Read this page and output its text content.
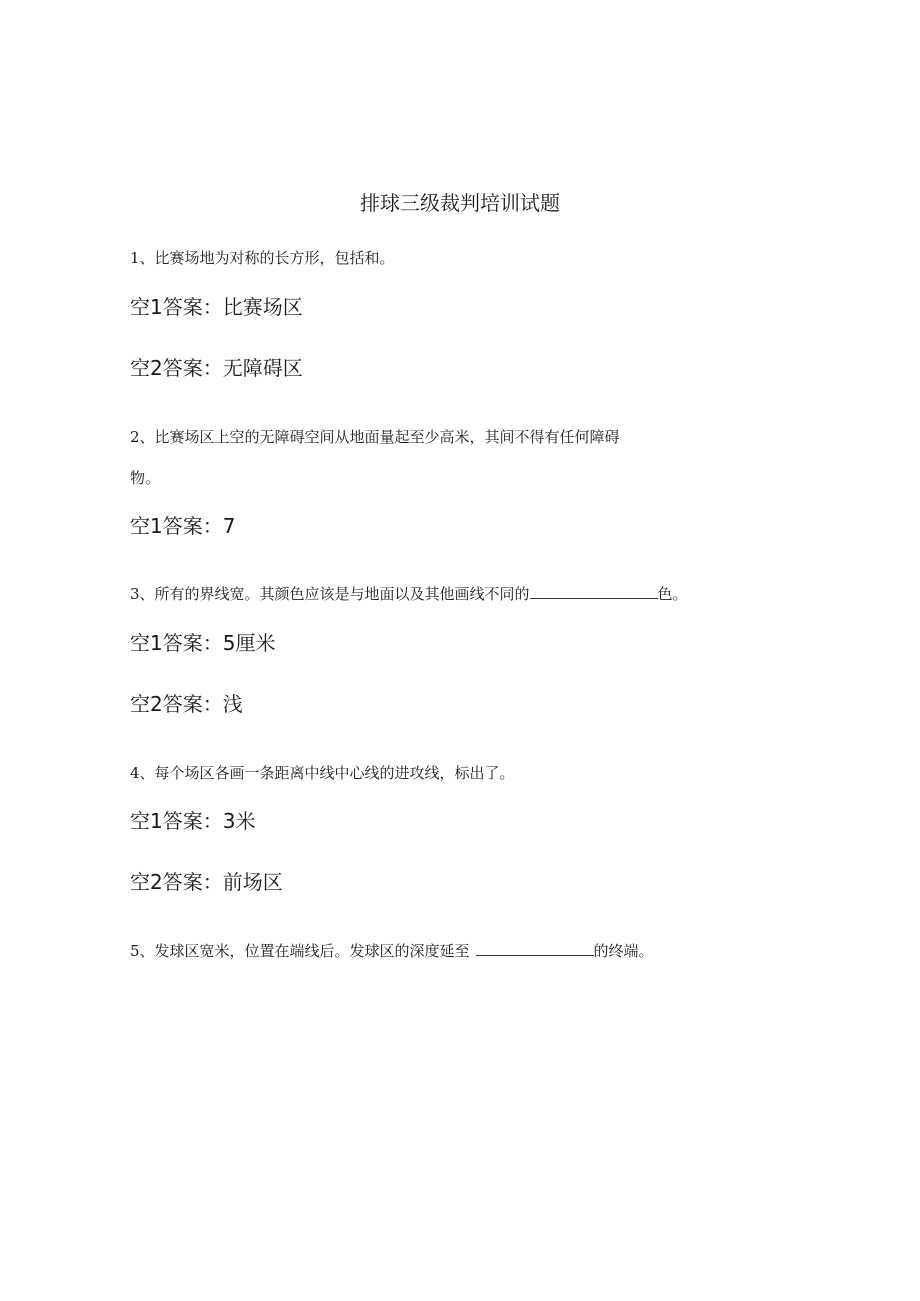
排球三级裁判培训试题
1、比赛场地为对称的长方形，包括和。
空1答案：比赛场区
空2答案：无障碍区
2、比赛场区上空的无障碍空间从地面量起至少高米，其间不得有任何障碍
物。
空1答案：7
3、所有的界线宽。其颜色应该是与地面以及其他画线不同的	色。
空1答案：5厘米
空2答案：浅
4、每个场区各画一条距离中线中心线的进攻线，标出了。
空1答案：3米
空2答案：前场区
5、发球区宽米，位置在端线后。发球区的深度延至	的终端。
